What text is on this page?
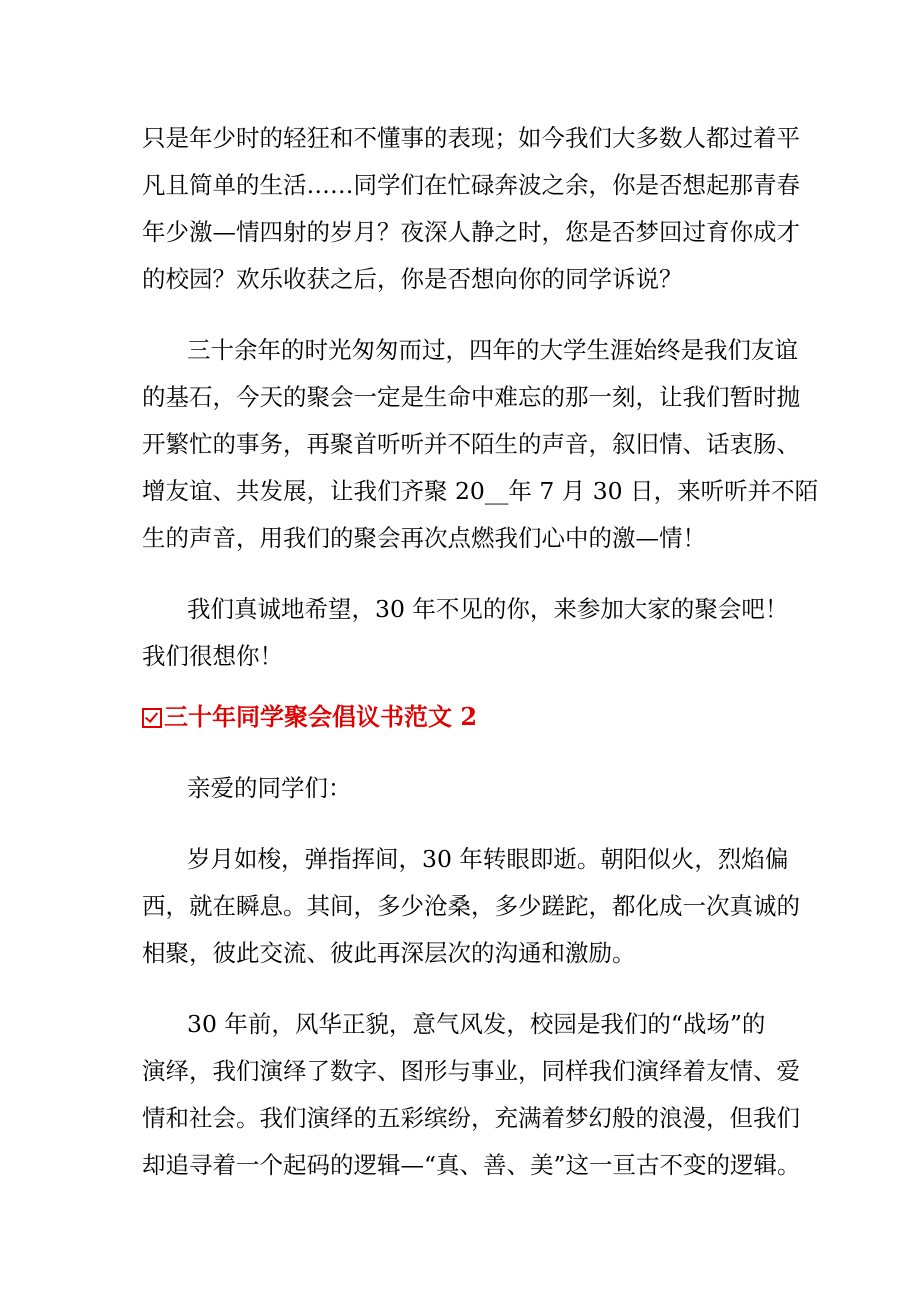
只是年少时的轻狂和不懂事的表现；如今我们大多数人都过着平
凡且简单的生活……同学们在忙碌奔波之余，你是否想起那青春
年少激—情四射的岁月？夜深人静之时，您是否梦回过育你成才
的校园？欢乐收获之后，你是否想向你的同学诉说？
三十余年的时光匆匆而过，四年的大学生涯始终是我们友谊
的基石，今天的聚会一定是生命中难忘的那一刻，让我们暂时抛
开繁忙的事务，再聚首听听并不陌生的声音，叙旧情、话衷肠、
增友谊、共发展，让我们齐聚 20__年 7 月 30 日，来听听并不陌
生的声音，用我们的聚会再次点燃我们心中的激—情！
我们真诚地希望，30 年不见的你，来参加大家的聚会吧！
我们很想你！
三十年同学聚会倡议书范文 2
亲爱的同学们：
岁月如梭，弹指挥间，30 年转眼即逝。朝阳似火，烈焰偏
西，就在瞬息。其间，多少沧桑，多少蹉跎，都化成一次真诚的
相聚，彼此交流、彼此再深层次的沟通和激励。
30 年前，风华正貌，意气风发，校园是我们的“战场”的
演绎，我们演绎了数字、图形与事业，同样我们演绎着友情、爱
情和社会。我们演绎的五彩缤纷，充满着梦幻般的浪漫，但我们
却追寻着一个起码的逻辑—“真、善、美”这一亘古不变的逻辑。
